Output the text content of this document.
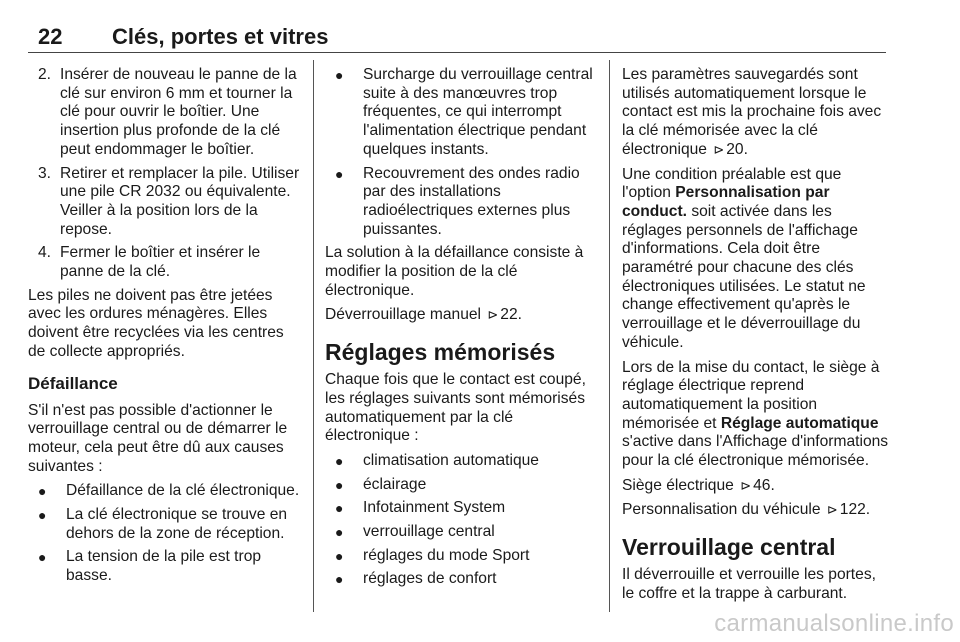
22 Clés, portes et vitres
2. Insérer de nouveau le panne de la clé sur environ 6 mm et tourner la clé pour ouvrir le boîtier. Une insertion plus profonde de la clé peut endommager le boîtier.
3. Retirer et remplacer la pile. Utiliser une pile CR 2032 ou équivalente. Veiller à la position lors de la repose.
4. Fermer le boîtier et insérer le panne de la clé.

Les piles ne doivent pas être jetées avec les ordures ménagères. Elles doivent être recyclées via les centres de collecte appropriés.

Défaillance

S'il n'est pas possible d'actionner le verrouillage central ou de démarrer le moteur, cela peut être dû aux causes suivantes :

● Défaillance de la clé électronique.
● La clé électronique se trouve en dehors de la zone de réception.
● La tension de la pile est trop basse.
● Surcharge du verrouillage central suite à des manœuvres trop fréquentes, ce qui interrompt l'alimentation électrique pendant quelques instants.
● Recouvrement des ondes radio par des installations radioélectriques externes plus puissantes.

La solution à la défaillance consiste à modifier la position de la clé électronique.

Déverrouillage manuel ⊳ 22.

Réglages mémorisés

Chaque fois que le contact est coupé, les réglages suivants sont mémorisés automatiquement par la clé électronique :

● climatisation automatique
● éclairage
● Infotainment System
● verrouillage central
● réglages du mode Sport
● réglages de confort

Les paramètres sauvegardés sont utilisés automatiquement lorsque le contact est mis la prochaine fois avec la clé mémorisée avec la clé électronique ⊳ 20.

Une condition préalable est que l'option Personnalisation par conduct. soit activée dans les réglages personnels de l'affichage d'informations. Cela doit être paramétré pour chacune des clés électroniques utilisées. Le statut ne change effectivement qu'après le verrouillage et le déverrouillage du véhicule.

Lors de la mise du contact, le siège à réglage électrique reprend automatiquement la position mémorisée et Réglage automatique s'active dans l'Affichage d'informations pour la clé électronique mémorisée.

Siège électrique ⊳ 46.

Personnalisation du véhicule ⊳ 122.

Verrouillage central

Il déverrouille et verrouille les portes, le coffre et la trappe à carburant.

carmanualsonline.info
